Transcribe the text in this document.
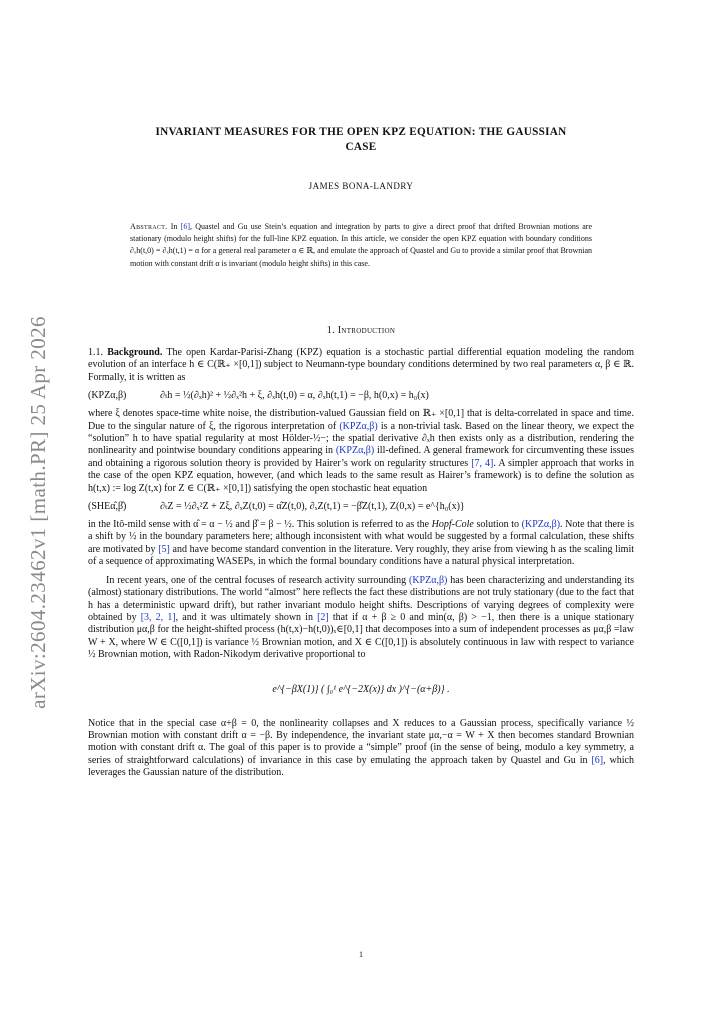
arXiv:2604.23462v1 [math.PR] 25 Apr 2026
INVARIANT MEASURES FOR THE OPEN KPZ EQUATION: THE GAUSSIAN
CASE
JAMES BONA-LANDRY
Abstract. In [6], Quastel and Gu use Stein’s equation and integration by parts to give a direct proof that drifted Brownian motions are stationary (modulo height shifts) for the full-line KPZ equation. In this article, we consider the open KPZ equation with boundary conditions ∂ₓh(t,0) = ∂ₓh(t,1) = α for a general real parameter α ∈ ℝ, and emulate the approach of Quastel and Gu to provide a similar proof that Brownian motion with constant drift α is invariant (modulo height shifts) in this case.
1. Introduction

1.1. Background. The open Kardar-Parisi-Zhang (KPZ) equation is a stochastic partial differential equation modeling the random evolution of an interface h ∈ C(ℝ₊ ×[0,1]) subject to Neumann-type boundary conditions determined by two real parameters α, β ∈ ℝ. Formally, it is written as

(KPZα,β)	∂ₜh = ½(∂ₓh)² + ½∂ₓ²h + ξ, ∂ₓh(t,0) = α, ∂ₓh(t,1) = −β, h(0,x) = h₀(x)

where ξ denotes space-time white noise, the distribution-valued Gaussian field on ℝ₊ ×[0,1] that is delta-correlated in space and time. Due to the singular nature of ξ, the rigorous interpretation of (KPZα,β) is a non-trivial task. Based on the linear theory, we expect the “solution” h to have spatial regularity at most Hölder-½−; the spatial derivative ∂ₓh then exists only as a distribution, rendering the nonlinearity and pointwise boundary conditions appearing in (KPZα,β) ill-defined. A general framework for circumventing these issues and obtaining a rigorous solution theory is provided by Hairer’s work on regularity structures [7, 4]. A simpler approach that works in the case of the open KPZ equation, however, (and which leads to the same result as Hairer’s framework) is to define the solution as h(t,x) := log Z(t,x) for Z ∈ C(ℝ₊ ×[0,1]) satisfying the open stochastic heat equation

(SHEα̂,β̂)	∂ₜZ = ½∂ₓ²Z + Zξ, ∂ₓZ(t,0) = α̂Z(t,0), ∂ₓZ(t,1) = −β̂Z(t,1), Z(0,x) = e^{h₀(x)}

in the Itô-mild sense with α̂ = α − ½ and β̂ = β − ½. This solution is referred to as the Hopf-Cole solution to (KPZα,β). Note that there is a shift by ½ in the boundary parameters here; although inconsistent with what would be suggested by a formal calculation, these shifts are motivated by [5] and have become standard convention in the literature. Very roughly, they arise from viewing h as the scaling limit of a sequence of approximating WASEPs, in which the formal boundary conditions have a natural physical interpretation.

In recent years, one of the central focuses of research activity surrounding (KPZα,β) has been characterizing and understanding its (almost) stationary distributions. The world “almost” here reflects the fact these distributions are not truly stationary (due to the fact that h has a deterministic upward drift), but rather invariant modulo height shifts. Descriptions of varying degrees of complexity were obtained by [3, 2, 1], and it was ultimately shown in [2] that if α + β ≥ 0 and min(α, β) > −1, then there is a unique stationary distribution μα,β for the height-shifted process (h(t,x)−h(t,0))ₓ∈[0,1] that decomposes into a sum of independent processes as μα,β =law W + X, where W ∈ C([0,1]) is variance ½ Brownian motion, and X ∈ C([0,1]) is absolutely continuous in law with respect to variance ½ Brownian motion, with Radon-Nikodym derivative proportional to

e^{−βX(1)} ( ∫₀¹ e^{−2X(x)} dx )^{−(α+β)} .

Notice that in the special case α+β = 0, the nonlinearity collapses and X reduces to a Gaussian process, specifically variance ½ Brownian motion with constant drift α = −β. By independence, the invariant state μα,−α = W + X then becomes standard Brownian motion with constant drift α. The goal of this paper is to provide a “simple” proof (in the sense of being, modulo a key symmetry, a series of straightforward calculations) of invariance in this case by emulating the approach taken by Quastel and Gu in [6], which leverages the Gaussian nature of the distribution.

1
